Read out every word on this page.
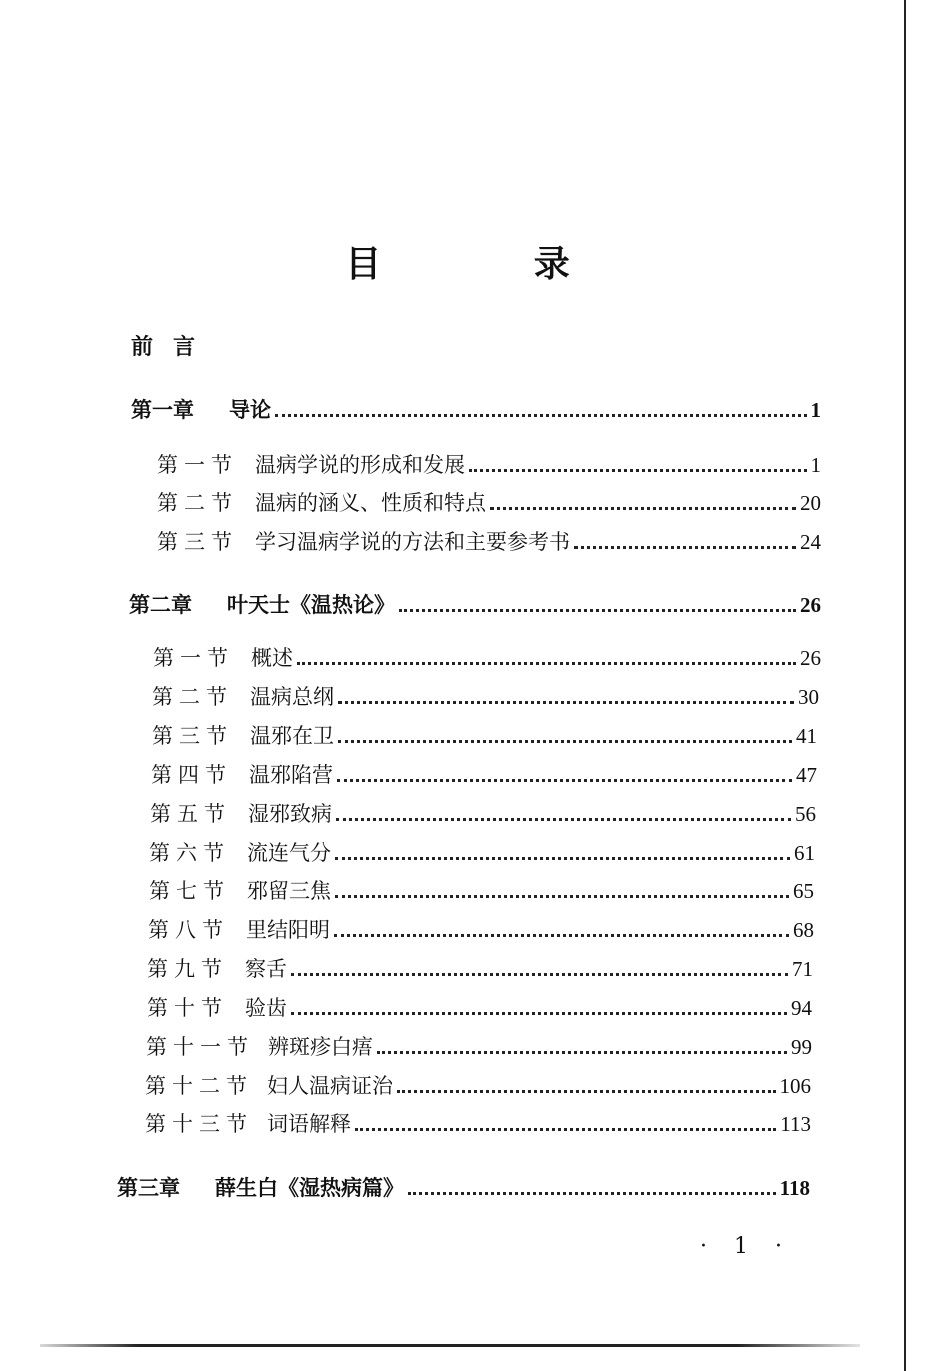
目 录
前言
第一章	导论	1
第一节 温病学说的形成和发展	1
第二节 温病的涵义、性质和特点	20
第三节 学习温病学说的方法和主要参考书	24
第二章	叶天士《温热论》	26
第一节 概述	26
第二节 温病总纲	30
第三节 温邪在卫	41
第四节 温邪陷营	47
第五节 湿邪致病	56
第六节 流连气分	61
第七节 邪留三焦	65
第八节 里结阳明	68
第九节 察舌	71
第十节 验齿	94
第十一节 辨斑疹白痦	99
第十二节 妇人温病证治	106
第十三节 词语解释	113
第三章	薛生白《湿热病篇》	118
· 1 ·
